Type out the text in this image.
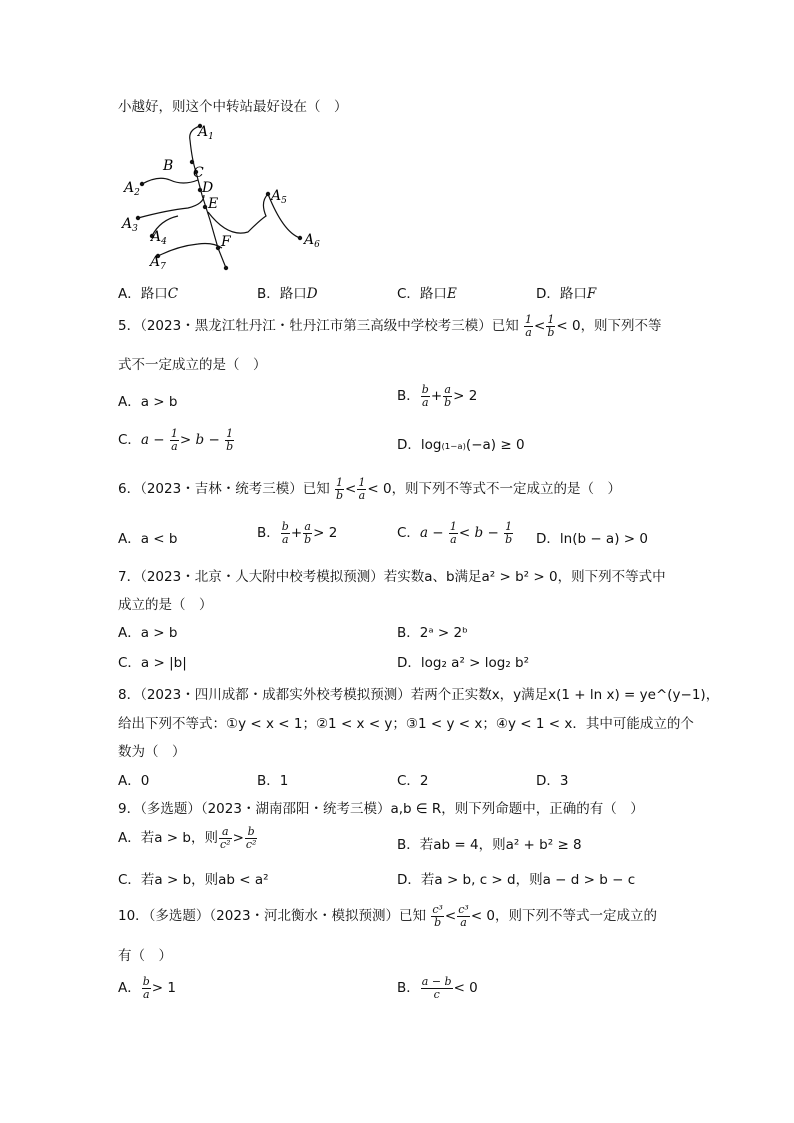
小越好，则这个中转站最好设在（　）
$A_1$
$A_2$
$A_3$ $A_4$
$A_5$
$A_6$
$A_7$
B C
D
E
F
A．路口C	B．路口D	C．路口E	D．路口F
5．（2023・黑龙江牡丹江・牡丹江市第三高级中学校考三模）已知 $\frac{1}{a} < \frac{1}{b} < 0$，则下列不等
式不一定成立的是（　）
A．a > b	B． $\frac{b}{a} + \frac{a}{b} > 2$
C．$a - \frac{1}{a} > b - \frac{1}{b}$	D．log₍₁₋ₐ₎(−a) ≥ 0
6．（2023・吉林・统考三模）已知 $\frac{1}{b} < \frac{1}{a} < 0$，则下列不等式不一定成立的是（　）
A．a < b	B． $\frac{b}{a} + \frac{a}{b} > 2$	C．$a - \frac{1}{a} < b - \frac{1}{b}$ D．ln(b − a) > 0
7．（2023・北京・人大附中校考模拟预测）若实数a、b满足a² > b² > 0，则下列不等式中
成立的是（　）
A．a > b	B．2ᵃ > 2ᵇ
C．a > |b|	D．log₂ a² > log₂ b²
8．（2023・四川成都・成都实外校考模拟预测）若两个正实数x，y满足x(1 + ln x) = ye^(y−1)，
给出下列不等式：①y < x < 1；②1 < x < y；③1 < y < x；④y < 1 < x．其中可能成立的个
数为（　）
A．0	B．1	C．2	D．3
9．（多选题）（2023・湖南邵阳・统考三模）a,b ∈ R，则下列命题中，正确的有（　）
A．若a > b，则 $\frac{a}{\text{c²}} > \frac{b}{\text{c²}}$	B．若ab = 4，则a² + b² ≥ 8
C．若a > b，则ab < a²	D．若a > b, c > d，则a − d > b − c
10．（多选题）（2023・河北衡水・模拟预测）已知 $\frac{\text{c³}}{b} < \frac{\text{c³}}{a} < 0$，则下列不等式一定成立的
有（　）
A． $\frac{b}{a} > 1$	B． $\frac{a - b}{c} < 0$
